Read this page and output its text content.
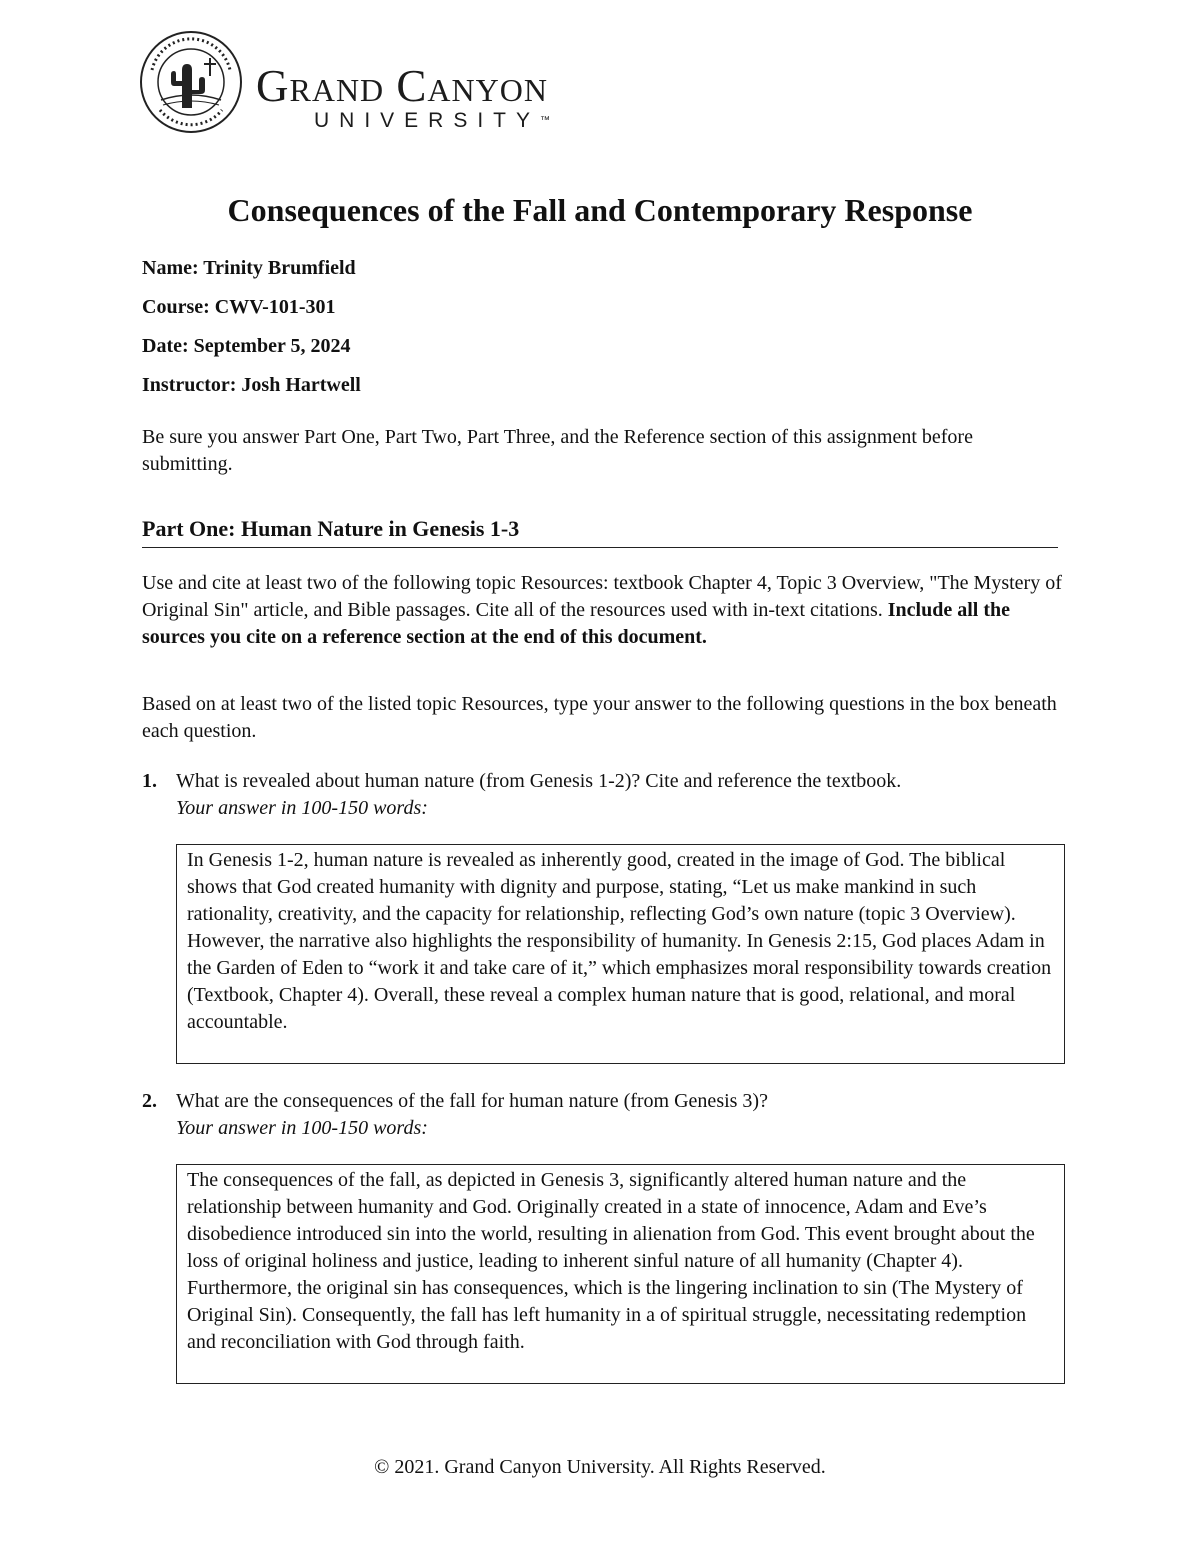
Grand Canyon
UNIVERSITY™
Consequences of the Fall and Contemporary Response
Name: Trinity Brumfield
Course: CWV-101-301
Date: September 5, 2024
Instructor: Josh Hartwell

Be sure you answer Part One, Part Two, Part Three, and the Reference section of this assignment before submitting.

Part One: Human Nature in Genesis 1-3

Use and cite at least two of the following topic Resources: textbook Chapter 4, Topic 3 Overview, "The Mystery of Original Sin" article, and Bible passages. Cite all of the resources used with in-text citations. Include all the sources you cite on a reference section at the end of this document.

Based on at least two of the listed topic Resources, type your answer to the following questions in the box beneath each question.

1. What is revealed about human nature (from Genesis 1-2)? Cite and reference the textbook.
Your answer in 100-150 words:
In Genesis 1-2, human nature is revealed as inherently good, created in the image of God. The biblical shows that God created humanity with dignity and purpose, stating, “Let us make mankind in such rationality, creativity, and the capacity for relationship, reflecting God’s own nature (topic 3 Overview). However, the narrative also highlights the responsibility of humanity. In Genesis 2:15, God places Adam in the Garden of Eden to “work it and take care of it,” which emphasizes moral responsibility towards creation (Textbook, Chapter 4). Overall, these reveal a complex human nature that is good, relational, and moral accountable.
2. What are the consequences of the fall for human nature (from Genesis 3)?
Your answer in 100-150 words:
The consequences of the fall, as depicted in Genesis 3, significantly altered human nature and the relationship between humanity and God. Originally created in a state of innocence, Adam and Eve’s disobedience introduced sin into the world, resulting in alienation from God. This event brought about the loss of original holiness and justice, leading to inherent sinful nature of all humanity (Chapter 4). Furthermore, the original sin has consequences, which is the lingering inclination to sin (The Mystery of Original Sin). Consequently, the fall has left humanity in a of spiritual struggle, necessitating redemption and reconciliation with God through faith.

© 2021. Grand Canyon University. All Rights Reserved.
